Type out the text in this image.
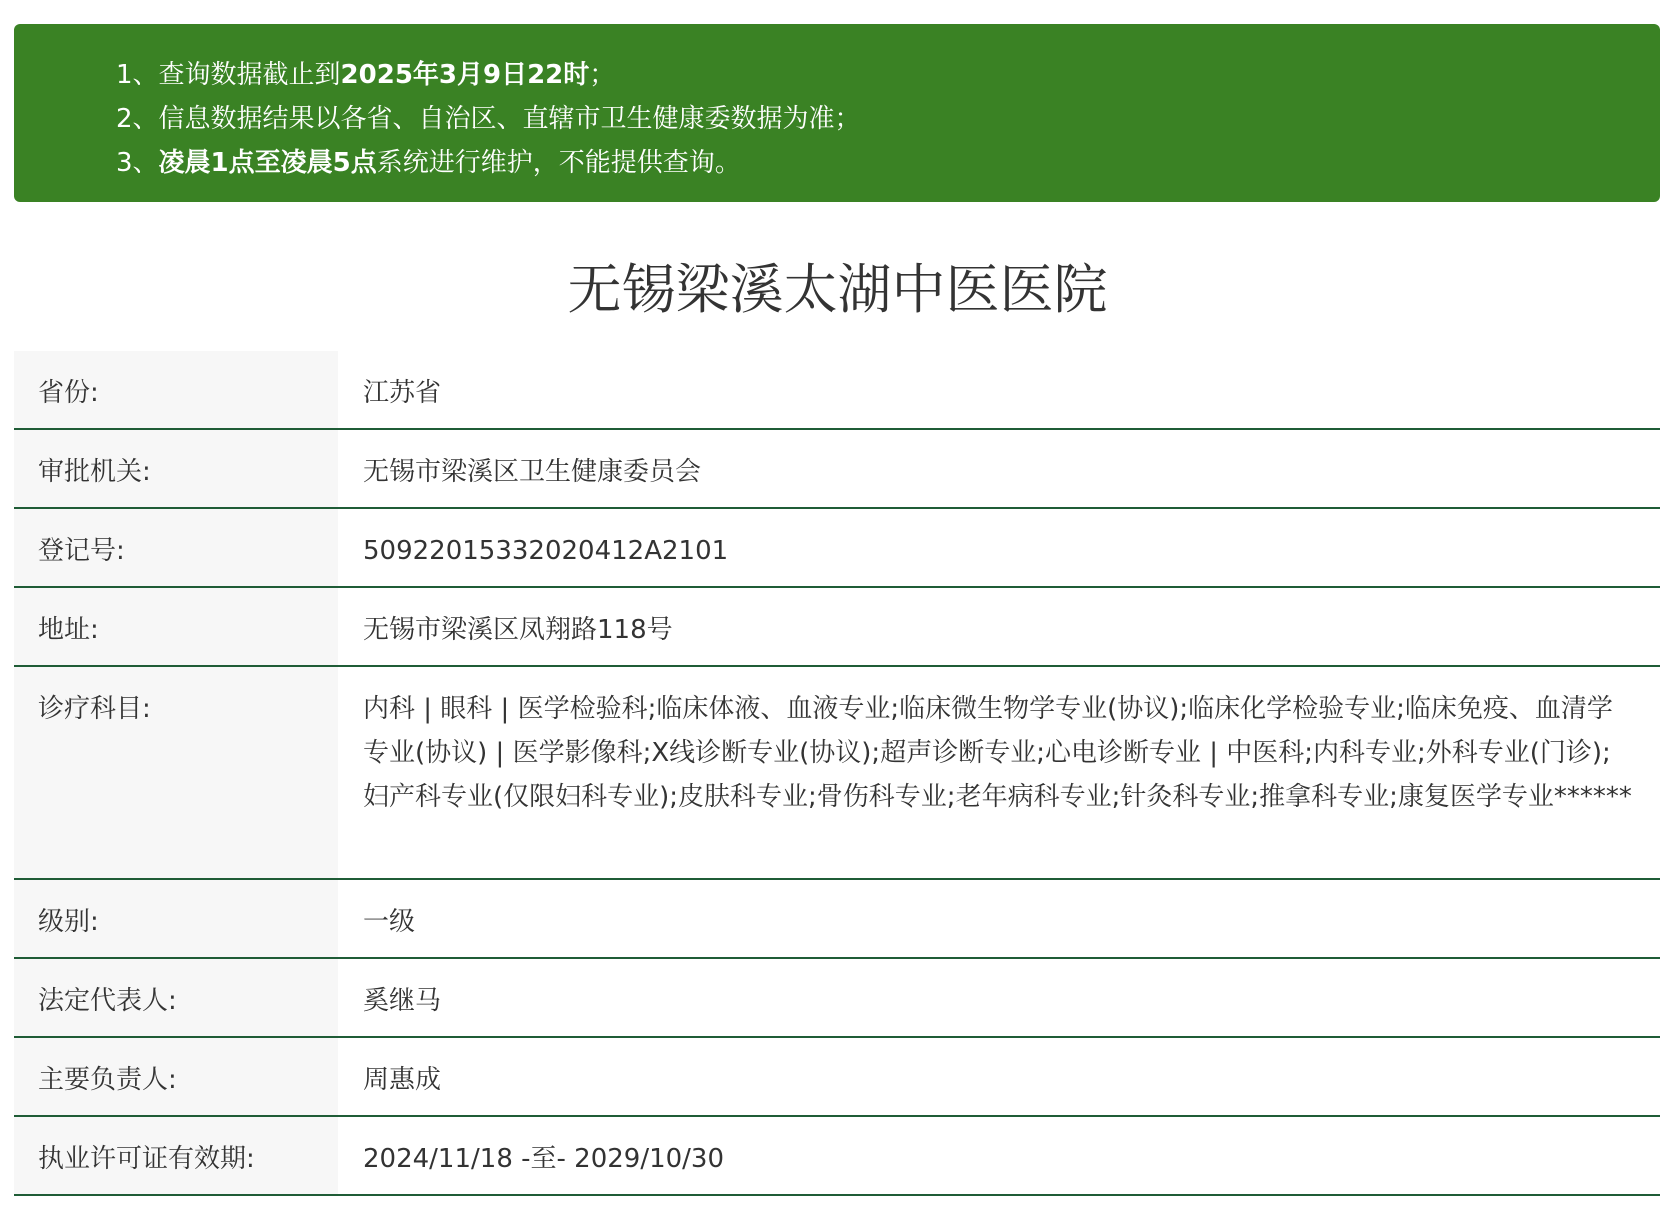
1、查询数据截止到2025年3月9日22时；
2、信息数据结果以各省、自治区、直辖市卫生健康委数据为准；
3、凌晨1点至凌晨5点系统进行维护，不能提供查询。
无锡梁溪太湖中医医院
省份:	江苏省
审批机关:	无锡市梁溪区卫生健康委员会
登记号:	50922015332020412A2101
地址:	无锡市梁溪区凤翔路118号
诊疗科目:	内科 | 眼科 | 医学检验科;临床体液、血液专业;临床微生物学专业(协议);临床化学检验专业;临床免疫、血清学专业(协议) | 医学影像科;X线诊断专业(协议);超声诊断专业;心电诊断专业 | 中医科;内科专业;外科专业(门诊);妇产科专业(仅限妇科专业);皮肤科专业;骨伤科专业;老年病科专业;针灸科专业;推拿科专业;康复医学专业******
级别:	一级
法定代表人:	奚继马
主要负责人:	周惠成
执业许可证有效期:	2024/11/18 -至- 2029/10/30
